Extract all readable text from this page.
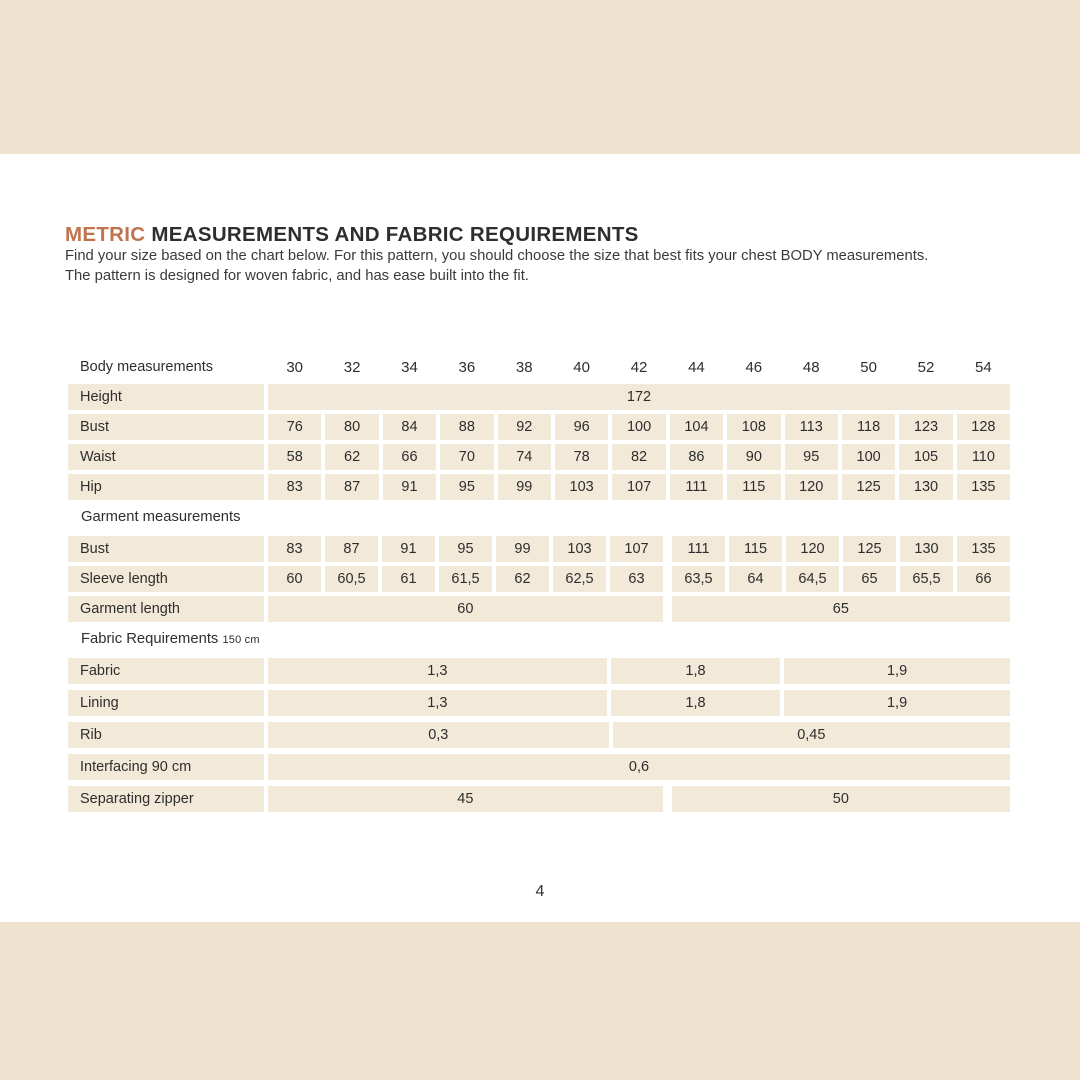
METRIC MEASUREMENTS AND FABRIC REQUIREMENTS
Find your size based on the chart below. For this pattern, you should choose the size that best fits your chest BODY measurements.
The pattern is designed for woven fabric, and has ease built into the fit.
Body measurements	30	32	34	36	38	40	42	44	46	48	50	52	54
Height	172
Bust	76	80	84	88	92	96	100	104	108	113	118	123	128
Waist	58	62	66	70	74	78	82	86	90	95	100	105	110
Hip	83	87	91	95	99	103	107	111	115	120	125	130	135
Garment measurements
Bust	83	87	91	95	99	103	107	111	115	120	125	130	135
Sleeve length	60	60,5	61	61,5	62	62,5	63	63,5	64	64,5	65	65,5	66
Garment length	60	65
Fabric Requirements 150 cm
Fabric	1,3	1,8	1,9
Lining	1,3	1,8	1,9
Rib	0,3	0,45
Interfacing 90 cm	0,6
Separating zipper	45	50
4
